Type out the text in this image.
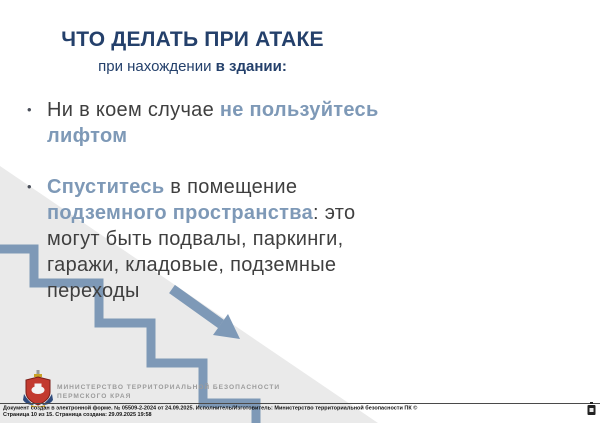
ЧТО ДЕЛАТЬ ПРИ АТАКЕ
при нахождении в здании:
• Ни в коем случае не пользуйтесь лифтом
• Спуститесь в помещение подземного пространства: это могут быть подвалы, паркинги, гаражи, кладовые, подземные переходы
МИНИСТЕРСТВО ТЕРРИТОРИАЛЬНОЙ БЕЗОПАСНОСТИ
ПЕРМСКОГО КРАЯ
Документ создан в электронной форме. № 05509-2-2024 от 24.09.2025. Исполнитель/Изготовитель: Министерство территориальной безопасности ПК ©
Страница 10 из 15. Страница создана: 29.09.2025 19:58
